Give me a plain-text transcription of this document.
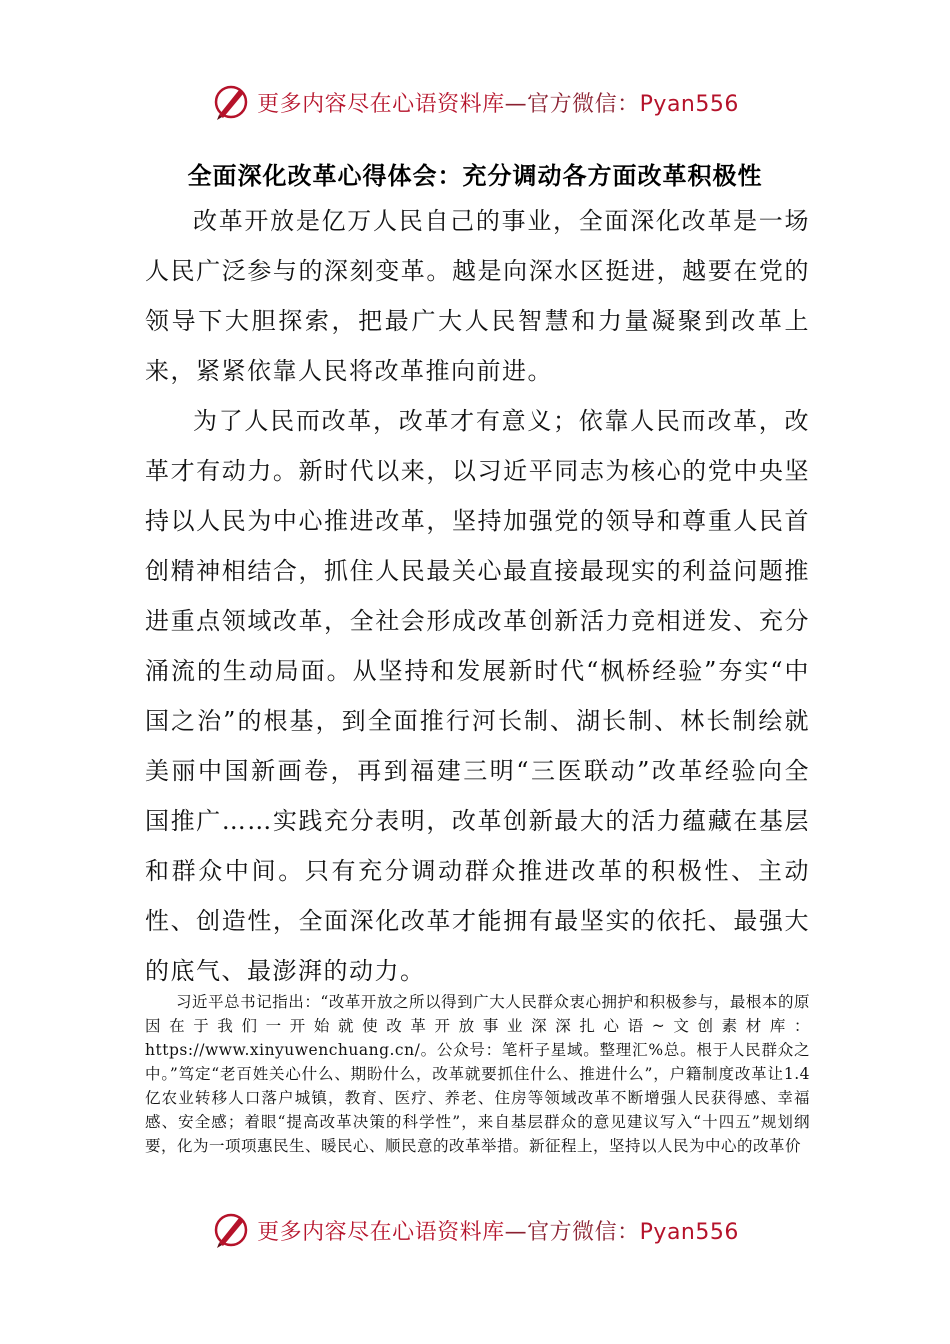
更多内容尽在心语资料库—官方微信：Pyan556
全面深化改革心得体会：充分调动各方面改革积极性

改革开放是亿万人民自己的事业，全面深化改革是一场人民广泛参与的深刻变革。越是向深水区挺进，越要在党的领导下大胆探索，把最广大人民智慧和力量凝聚到改革上来，紧紧依靠人民将改革推向前进。

为了人民而改革，改革才有意义；依靠人民而改革，改革才有动力。新时代以来，以习近平同志为核心的党中央坚持以人民为中心推进改革，坚持加强党的领导和尊重人民首创精神相结合，抓住人民最关心最直接最现实的利益问题推进重点领域改革，全社会形成改革创新活力竞相迸发、充分涌流的生动局面。从坚持和发展新时代“枫桥经验”夯实“中国之治”的根基，到全面推行河长制、湖长制、林长制绘就美丽中国新画卷，再到福建三明“三医联动”改革经验向全国推广……实践充分表明，改革创新最大的活力蕴藏在基层和群众中间。只有充分调动群众推进改革的积极性、主动性、创造性，全面深化改革才能拥有最坚实的依托、最强大的底气、最澎湃的动力。

习近平总书记指出：“改革开放之所以得到广大人民群众衷心拥护和积极参与，最根本的原因在于我们一开始就使改革开放事业深深扎心语~文创素材库：https://www.xinyuwenchuang.cn/。公众号：笔杆子星域。整理汇%总。根于人民群众之中。”笃定“老百姓关心什么、期盼什么，改革就要抓住什么、推进什么”，户籍制度改革让1.4亿农业转移人口落户城镇，教育、医疗、养老、住房等领域改革不断增强人民获得感、幸福感、安全感；着眼“提高改革决策的科学性”，来自基层群众的意见建议写入“十四五”规划纲要，化为一项项惠民生、暖民心、顺民意的改革举措。新征程上，坚持以人民为中心的改革价

更多内容尽在心语资料库—官方微信：Pyan556
